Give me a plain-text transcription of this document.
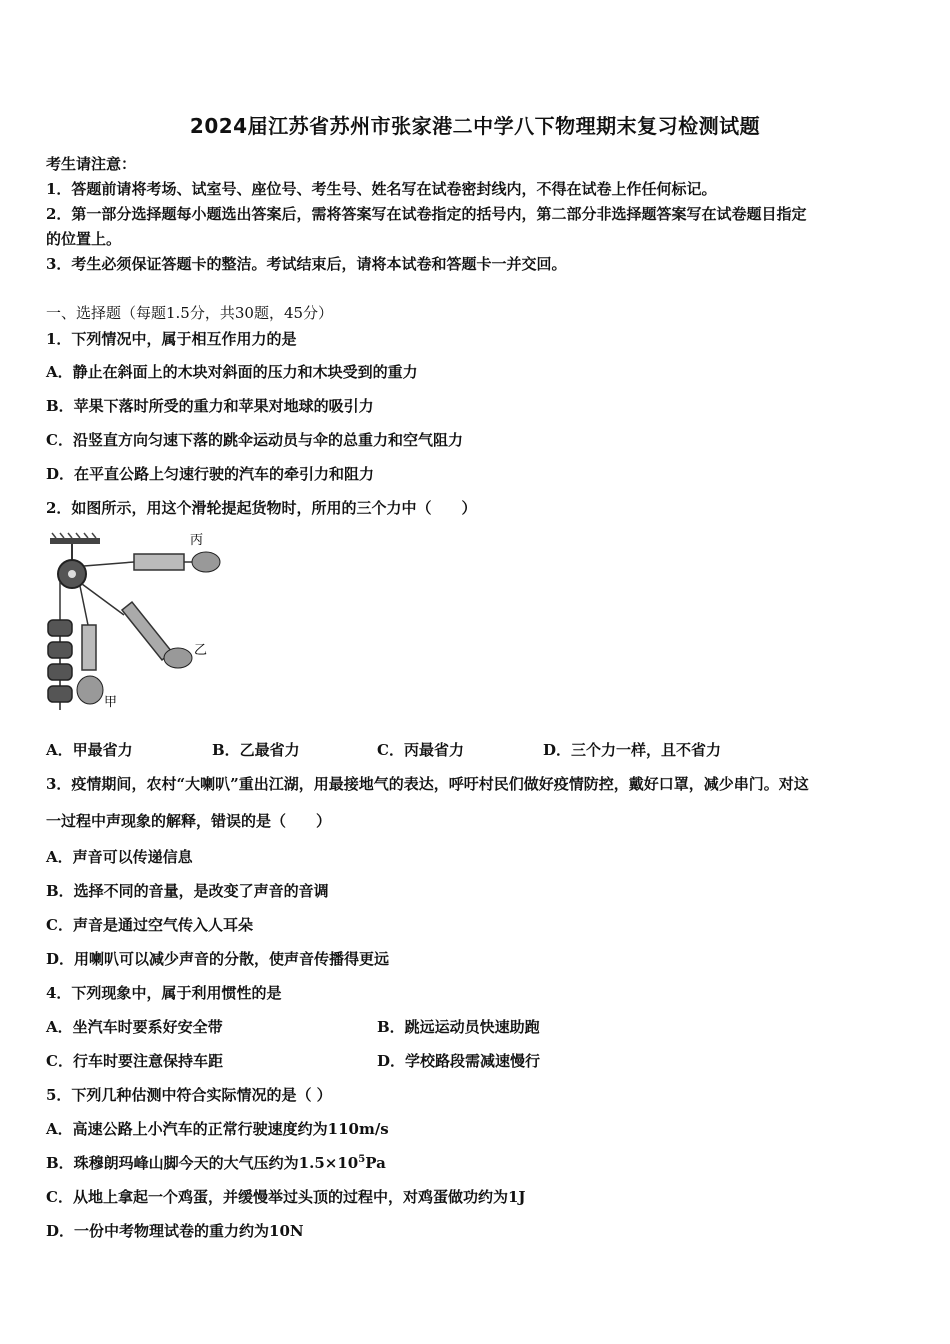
2024届江苏省苏州市张家港二中学八下物理期末复习检测试题
考生请注意：
1．答题前请将考场、试室号、座位号、考生号、姓名写在试卷密封线内，不得在试卷上作任何标记。
2．第一部分选择题每小题选出答案后，需将答案写在试卷指定的括号内，第二部分非选择题答案写在试卷题目指定
的位置上。
3．考生必须保证答题卡的整洁。考试结束后，请将本试卷和答题卡一并交回。
一、选择题（每题1.5分，共30题，45分）
1．下列情况中，属于相互作用力的是
A．静止在斜面上的木块对斜面的压力和木块受到的重力
B．苹果下落时所受的重力和苹果对地球的吸引力
C．沿竖直方向匀速下落的跳伞运动员与伞的总重力和空气阻力
D．在平直公路上匀速行驶的汽车的牵引力和阻力
2．如图所示，用这个滑轮提起货物时，所用的三个力中（　　）
丙
乙
甲
A．甲最省力	B．乙最省力	C．丙最省力	D．三个力一样，且不省力
3．疫情期间，农村“大喇叭”重出江湖，用最接地气的表达，呼吁村民们做好疫情防控，戴好口罩，减少串门。对这
一过程中声现象的解释，错误的是（　　）
A．声音可以传递信息
B．选择不同的音量，是改变了声音的音调
C．声音是通过空气传入人耳朵
D．用喇叭可以减少声音的分散，使声音传播得更远
4．下列现象中，属于利用惯性的是
A．坐汽车时要系好安全带	B．跳远运动员快速助跑
C．行车时要注意保持车距	D．学校路段需减速慢行
5．下列几种估测中符合实际情况的是（ ）
A．高速公路上小汽车的正常行驶速度约为110m/s
B．珠穆朗玛峰山脚今天的大气压约为$1.5\times 10^5Pa$
C．从地上拿起一个鸡蛋，并缓慢举过头顶的过程中，对鸡蛋做功约为1J
D．一份中考物理试卷的重力约为10N
